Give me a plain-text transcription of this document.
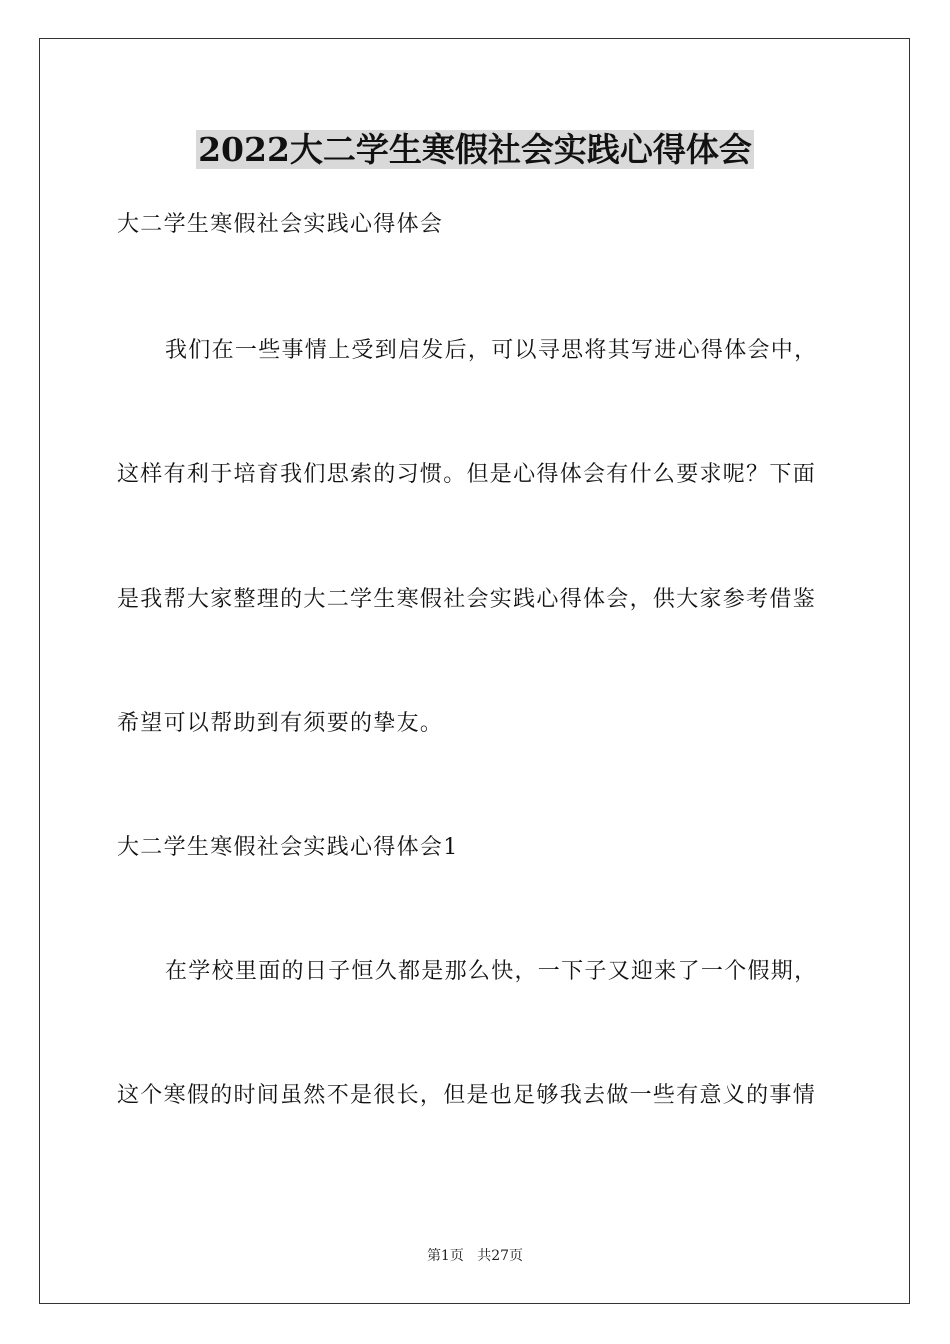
2022大二学生寒假社会实践心得体会

大二学生寒假社会实践心得体会

我们在一些事情上受到启发后，可以寻思将其写进心得体会中，

这样有利于培育我们思索的习惯。但是心得体会有什么要求呢？下面

是我帮大家整理的大二学生寒假社会实践心得体会，供大家参考借鉴

希望可以帮助到有须要的挚友。

大二学生寒假社会实践心得体会1

在学校里面的日子恒久都是那么快，一下子又迎来了一个假期，

这个寒假的时间虽然不是很长，但是也足够我去做一些有意义的事情

第1页 共27页
